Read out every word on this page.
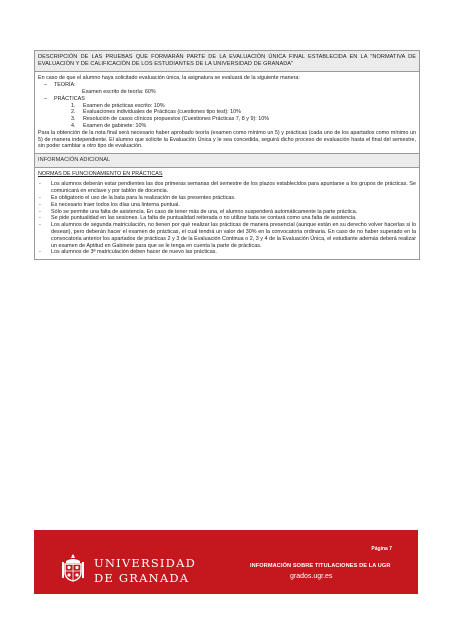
DESCRIPCIÓN DE LAS PRUEBAS QUE FORMARÁN PARTE DE LA EVALUACIÓN ÚNICA FINAL ESTABLECIDA EN LA "NORMATIVA DE EVALUACIÓN Y DE CALIFICACIÓN DE LOS ESTUDIANTES DE LA UNIVERSIDAD DE GRANADA"
En caso de que el alumno haya solicitado evaluación única, la asignatura se evaluará de la siguiente manera:
–	TEORÍA:
Examen escrito de teoría: 60%
–	PRÁCTICAS
1.	Examen de prácticas escrito: 10%
2.	Evaluaciones individuales de Prácticas (cuestiones tipo test): 10%
3.	Resolución de casos clínicos propuestos (Cuestiones Prácticas 7, 8 y 9): 10%
4.	Examen de gabinete: 10%
Para la obtención de la nota final será necesario haber aprobado teoría (examen como mínimo un 5) y prácticas (cada uno de los apartados como mínimo un 5) de manera independiente. El alumno que solicite la Evaluación Única y le sea concedida, seguirá dicho proceso de evaluación hasta el final del semestre, sin poder cambiar a otro tipo de evaluación.
INFORMACIÓN ADICIONAL
NORMAS DE FUNCIONAMIENTO EN PRÁCTICAS
-	Los alumnos deberán estar pendientes las dos primeras semanas del semestre de los plazos establecidos para apuntarse a los grupos de prácticas. Se comunicará en enclave y por tablón de docencia.
-	Es obligatorio el uso de la bata para la realización de las presentes prácticas.
-	Es necesario traer todos los días una linterna puntual.
-	Sólo se permite una falta de asistencia. En caso de tener más de una, el alumno suspenderá automáticamente la parte práctica.
-	Se pide puntualidad en las sesiones. La falta de puntualidad reiterada o no utilizar bata se contará como una falta de asistencia.
-	Los alumnos de segunda matriculación, no tienen por qué realizar las prácticas de manera presencial (aunque están en su derecho volver hacerlas si lo desean), pero deberán hacer el examen de prácticas, el cual tendrá un valor del 30% en la convocatoria ordinaria. En caso de no haber superado en la convocatoria anterior los apartados de prácticas 2 y 3 de la Evaluación Continua o 2, 3 y 4 de la Evaluación Única, el estudiante además deberá realizar un examen de Aptitud en Gabinete para que se le tenga en cuenta la parte de prácticas.
-	Los alumnos de 3ª matriculación deben hacer de nuevo las prácticas.
UNIVERSIDAD
DE GRANADA
Página 7
INFORMACIÓN SOBRE TITULACIONES DE LA UGR
grados.ugr.es
